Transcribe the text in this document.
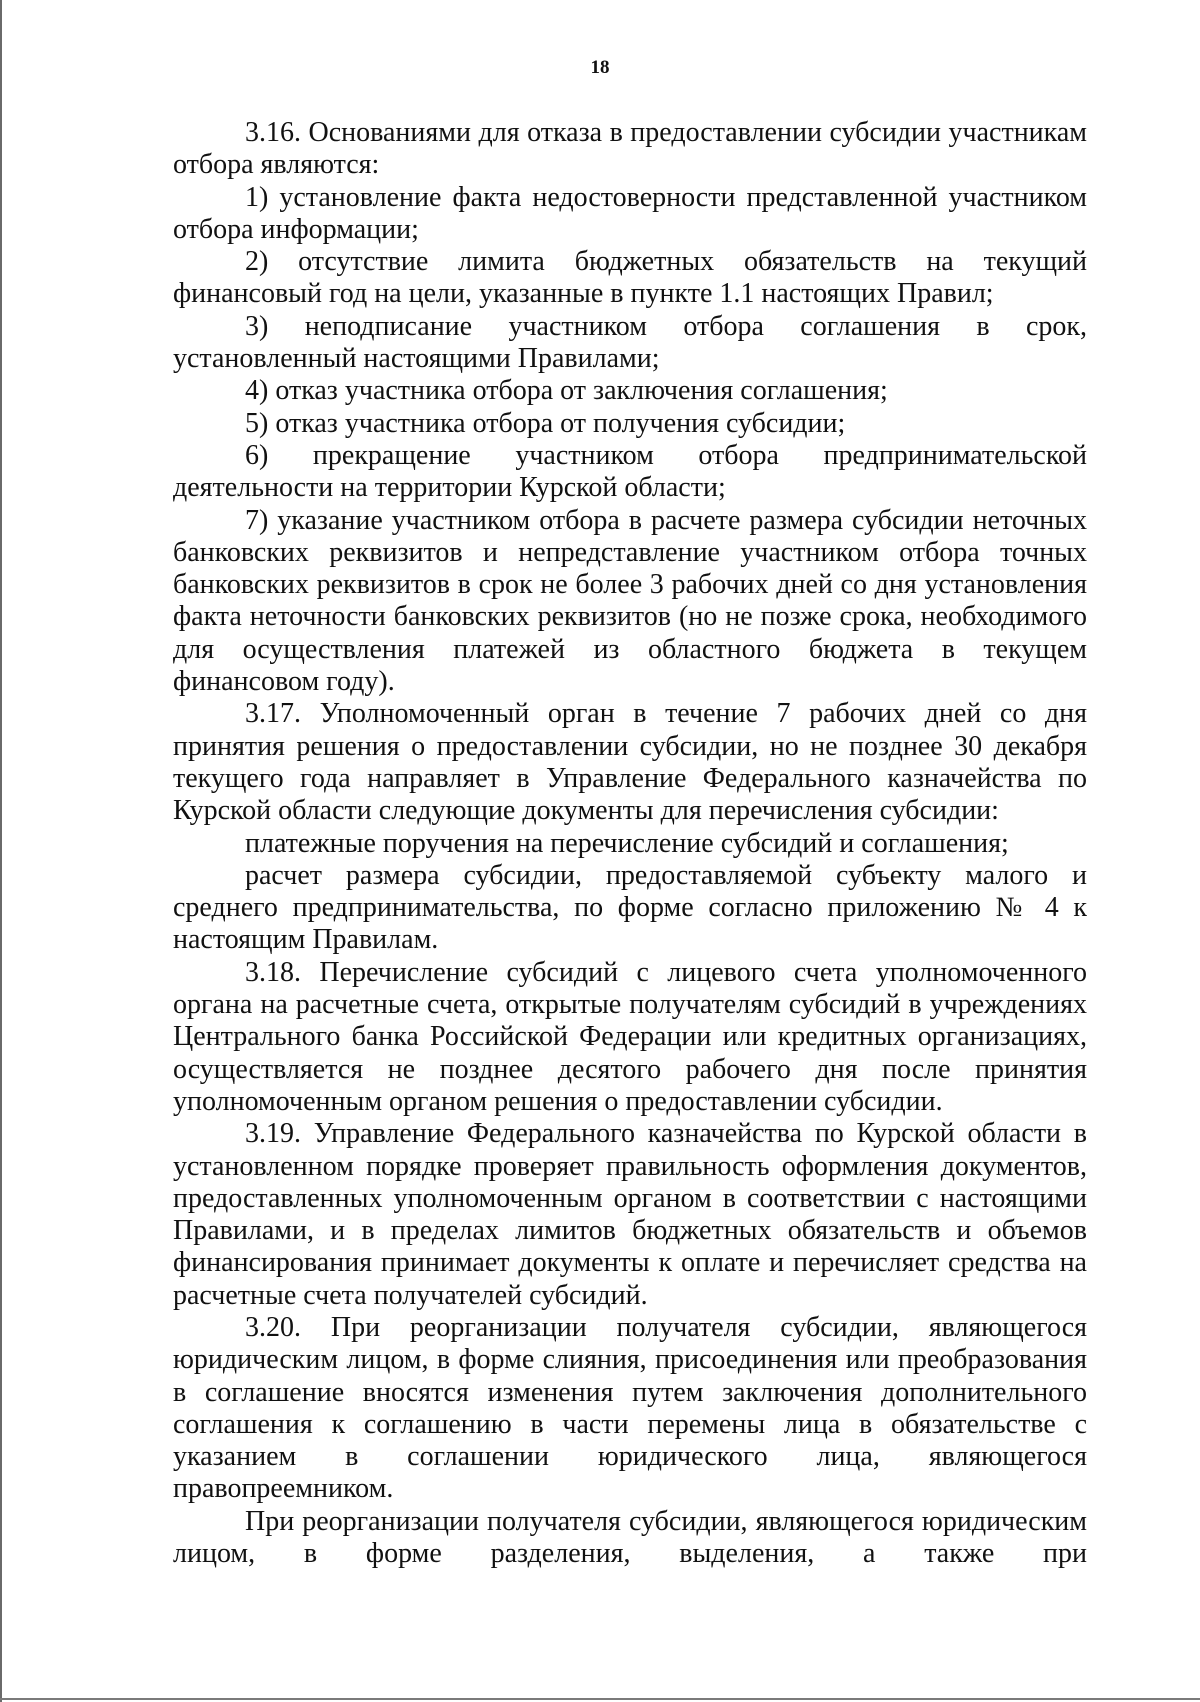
18

3.16. Основаниями для отказа в предоставлении субсидии участникам отбора являются:

1) установление факта недостоверности представленной участником отбора информации;

2) отсутствие лимита бюджетных обязательств на текущий финансовый год на цели, указанные в пункте 1.1 настоящих Правил;

3) неподписание участником отбора соглашения в срок, установленный настоящими Правилами;

4) отказ участника отбора от заключения соглашения;

5) отказ участника отбора от получения субсидии;

6) прекращение участником отбора предпринимательской деятельности на территории Курской области;

7) указание участником отбора в расчете размера субсидии неточных банковских реквизитов и непредставление участником отбора точных банковских реквизитов в срок не более 3 рабочих дней со дня установления факта неточности банковских реквизитов (но не позже срока, необходимого для осуществления платежей из областного бюджета в текущем финансовом году).

3.17. Уполномоченный орган в течение 7 рабочих дней со дня принятия решения о предоставлении субсидии, но не позднее 30 декабря текущего года направляет в Управление Федерального казначейства по Курской области следующие документы для перечисления субсидии:

платежные поручения на перечисление субсидий и соглашения;

расчет размера субсидии, предоставляемой субъекту малого и среднего предпринимательства, по форме согласно приложению № 4 к настоящим Правилам.

3.18. Перечисление субсидий с лицевого счета уполномоченного органа на расчетные счета, открытые получателям субсидий в учреждениях Центрального банка Российской Федерации или кредитных организациях, осуществляется не позднее десятого рабочего дня после принятия уполномоченным органом решения о предоставлении субсидии.

3.19. Управление Федерального казначейства по Курской области в установленном порядке проверяет правильность оформления документов, предоставленных уполномоченным органом в соответствии с настоящими Правилами, и в пределах лимитов бюджетных обязательств и объемов финансирования принимает документы к оплате и перечисляет средства на расчетные счета получателей субсидий.

3.20. При реорганизации получателя субсидии, являющегося юридическим лицом, в форме слияния, присоединения или преобразования в соглашение вносятся изменения путем заключения дополнительного соглашения к соглашению в части перемены лица в обязательстве с указанием в соглашении юридического лица, являющегося правопреемником.

При реорганизации получателя субсидии, являющегося юридическим лицом, в форме разделения, выделения, а также при
